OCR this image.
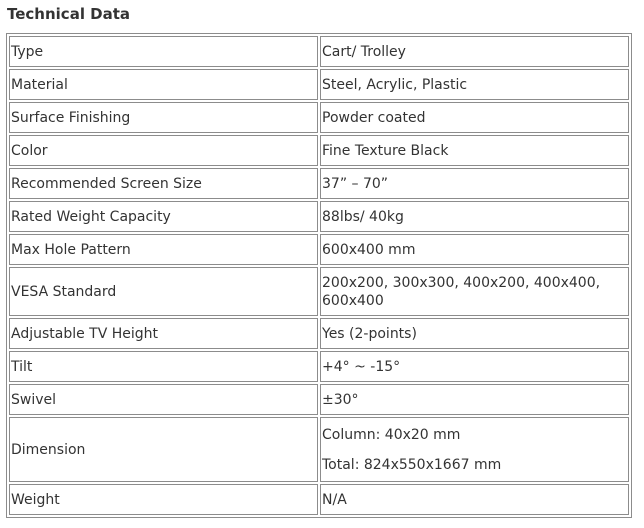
Technical Data
Type	Cart/ Trolley
Material	Steel, Acrylic, Plastic
Surface Finishing	Powder coated
Color	Fine Texture Black
Recommended Screen Size	37” – 70”
Rated Weight Capacity	88lbs/ 40kg
Max Hole Pattern	600x400 mm
VESA Standard	200x200, 300x300, 400x200, 400x400, 600x400
Adjustable TV Height	Yes (2-points)
Tilt	+4° ~ -15°
Swivel	±30°
Dimension	Column: 40x20 mm
Total: 824x550x1667 mm

Weight	N/A
